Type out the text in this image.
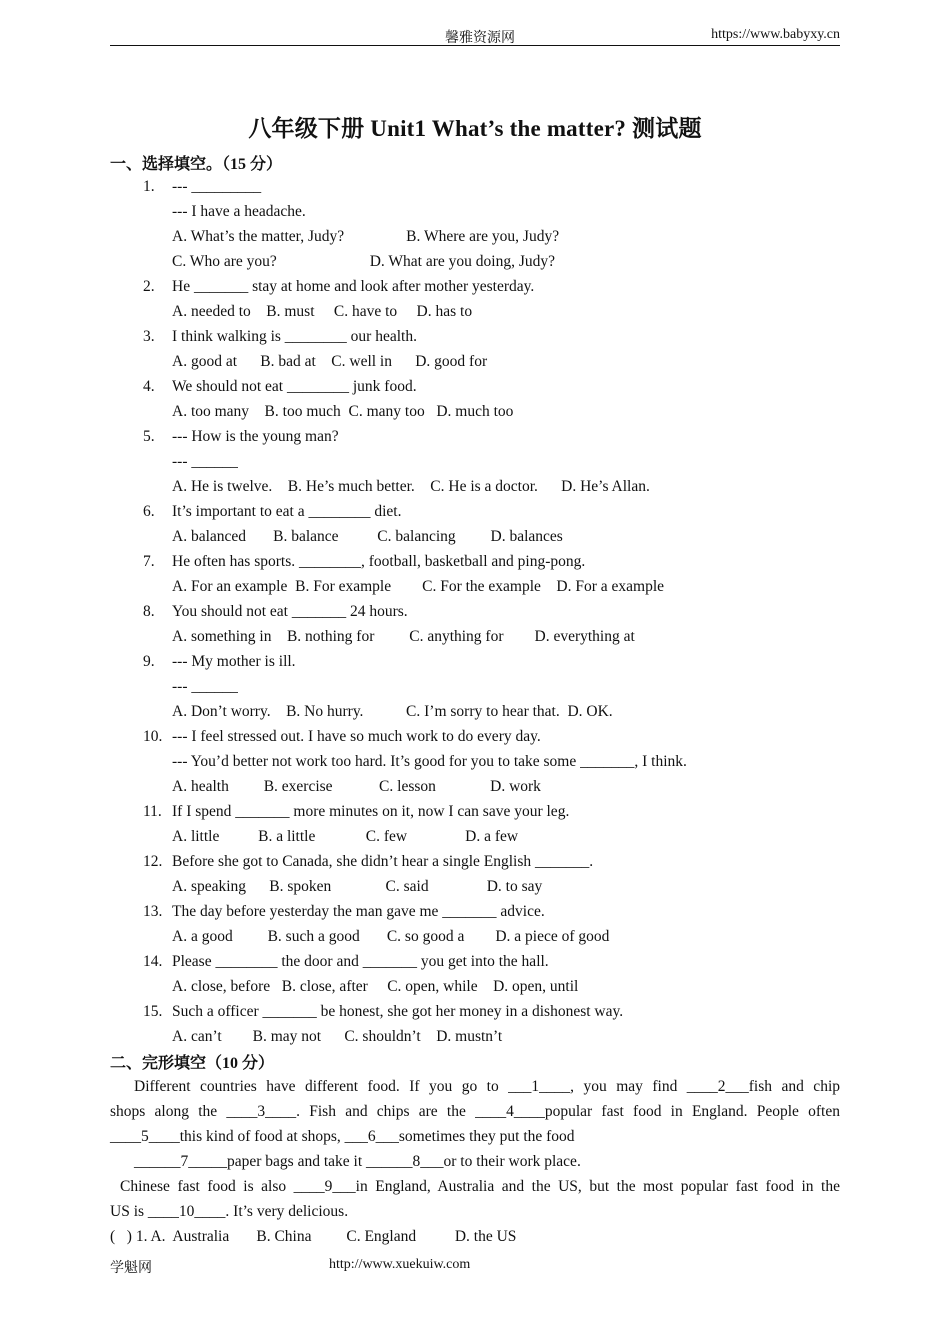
馨雅资源网	https://www.babyxy.cn
八年级下册 Unit1 What’s the matter? 测试题
一、选择填空。（15 分）
1. --- _________
--- I have a headache.
A. What’s the matter, Judy?                B. Where are you, Judy?
C. Who are you?                        D. What are you doing, Judy?
2. He _______ stay at home and look after mother yesterday.
A. needed to    B. must     C. have to     D. has to
3. I think walking is ________ our health.
A. good at      B. bad at    C. well in      D. good for
4. We should not eat ________ junk food.
A. too many    B. too much  C. many too   D. much too
5. --- How is the young man?
--- ______
A. He is twelve.    B. He’s much better.    C. He is a doctor.      D. He’s Allan.
6. It’s important to eat a ________ diet.
A. balanced       B. balance          C. balancing         D. balances
7. He often has sports. ________, football, basketball and ping-pong.
A. For an example  B. For example        C. For the example    D. For a example
8. You should not eat _______ 24 hours.
A. something in    B. nothing for         C. anything for        D. everything at
9. --- My mother is ill.
--- ______
A. Don’t worry.    B. No hurry.           C. I’m sorry to hear that.  D. OK.
10. --- I feel stressed out. I have so much work to do every day.
--- You’d better not work too hard. It’s good for you to take some _______, I think.
A. health         B. exercise            C. lesson              D. work
11. If I spend _______ more minutes on it, now I can save your leg.
A. little          B. a little             C. few               D. a few
12. Before she got to Canada, she didn’t hear a single English _______.
A. speaking      B. spoken              C. said               D. to say
13. The day before yesterday the man gave me _______ advice.
A. a good         B. such a good       C. so good a        D. a piece of good
14. Please ________ the door and _______ you get into the hall.
A. close, before   B. close, after     C. open, while    D. open, until
15. Such a officer _______ be honest, she got her money in a dishonest way.
A. can’t        B. may not      C. shouldn’t    D. mustn’t
二、完形填空（10 分）
Different countries have different food. If you go to ___1____, you may find ____2___fish and chip
shops along the ____3____. Fish and chips are the ____4____popular fast food in England. People often
____5____this kind of food at shops, ___6___sometimes they put the food
______7_____paper bags and take it ______8___or to their work place.
Chinese fast food is also ____9___in England, Australia and the US, but the most popular fast food in the
US is ____10____. It’s very delicious.
(   ) 1. A.  Australia       B. China         C. England          D. the US
学魁网	http://www.xuekuiw.com
